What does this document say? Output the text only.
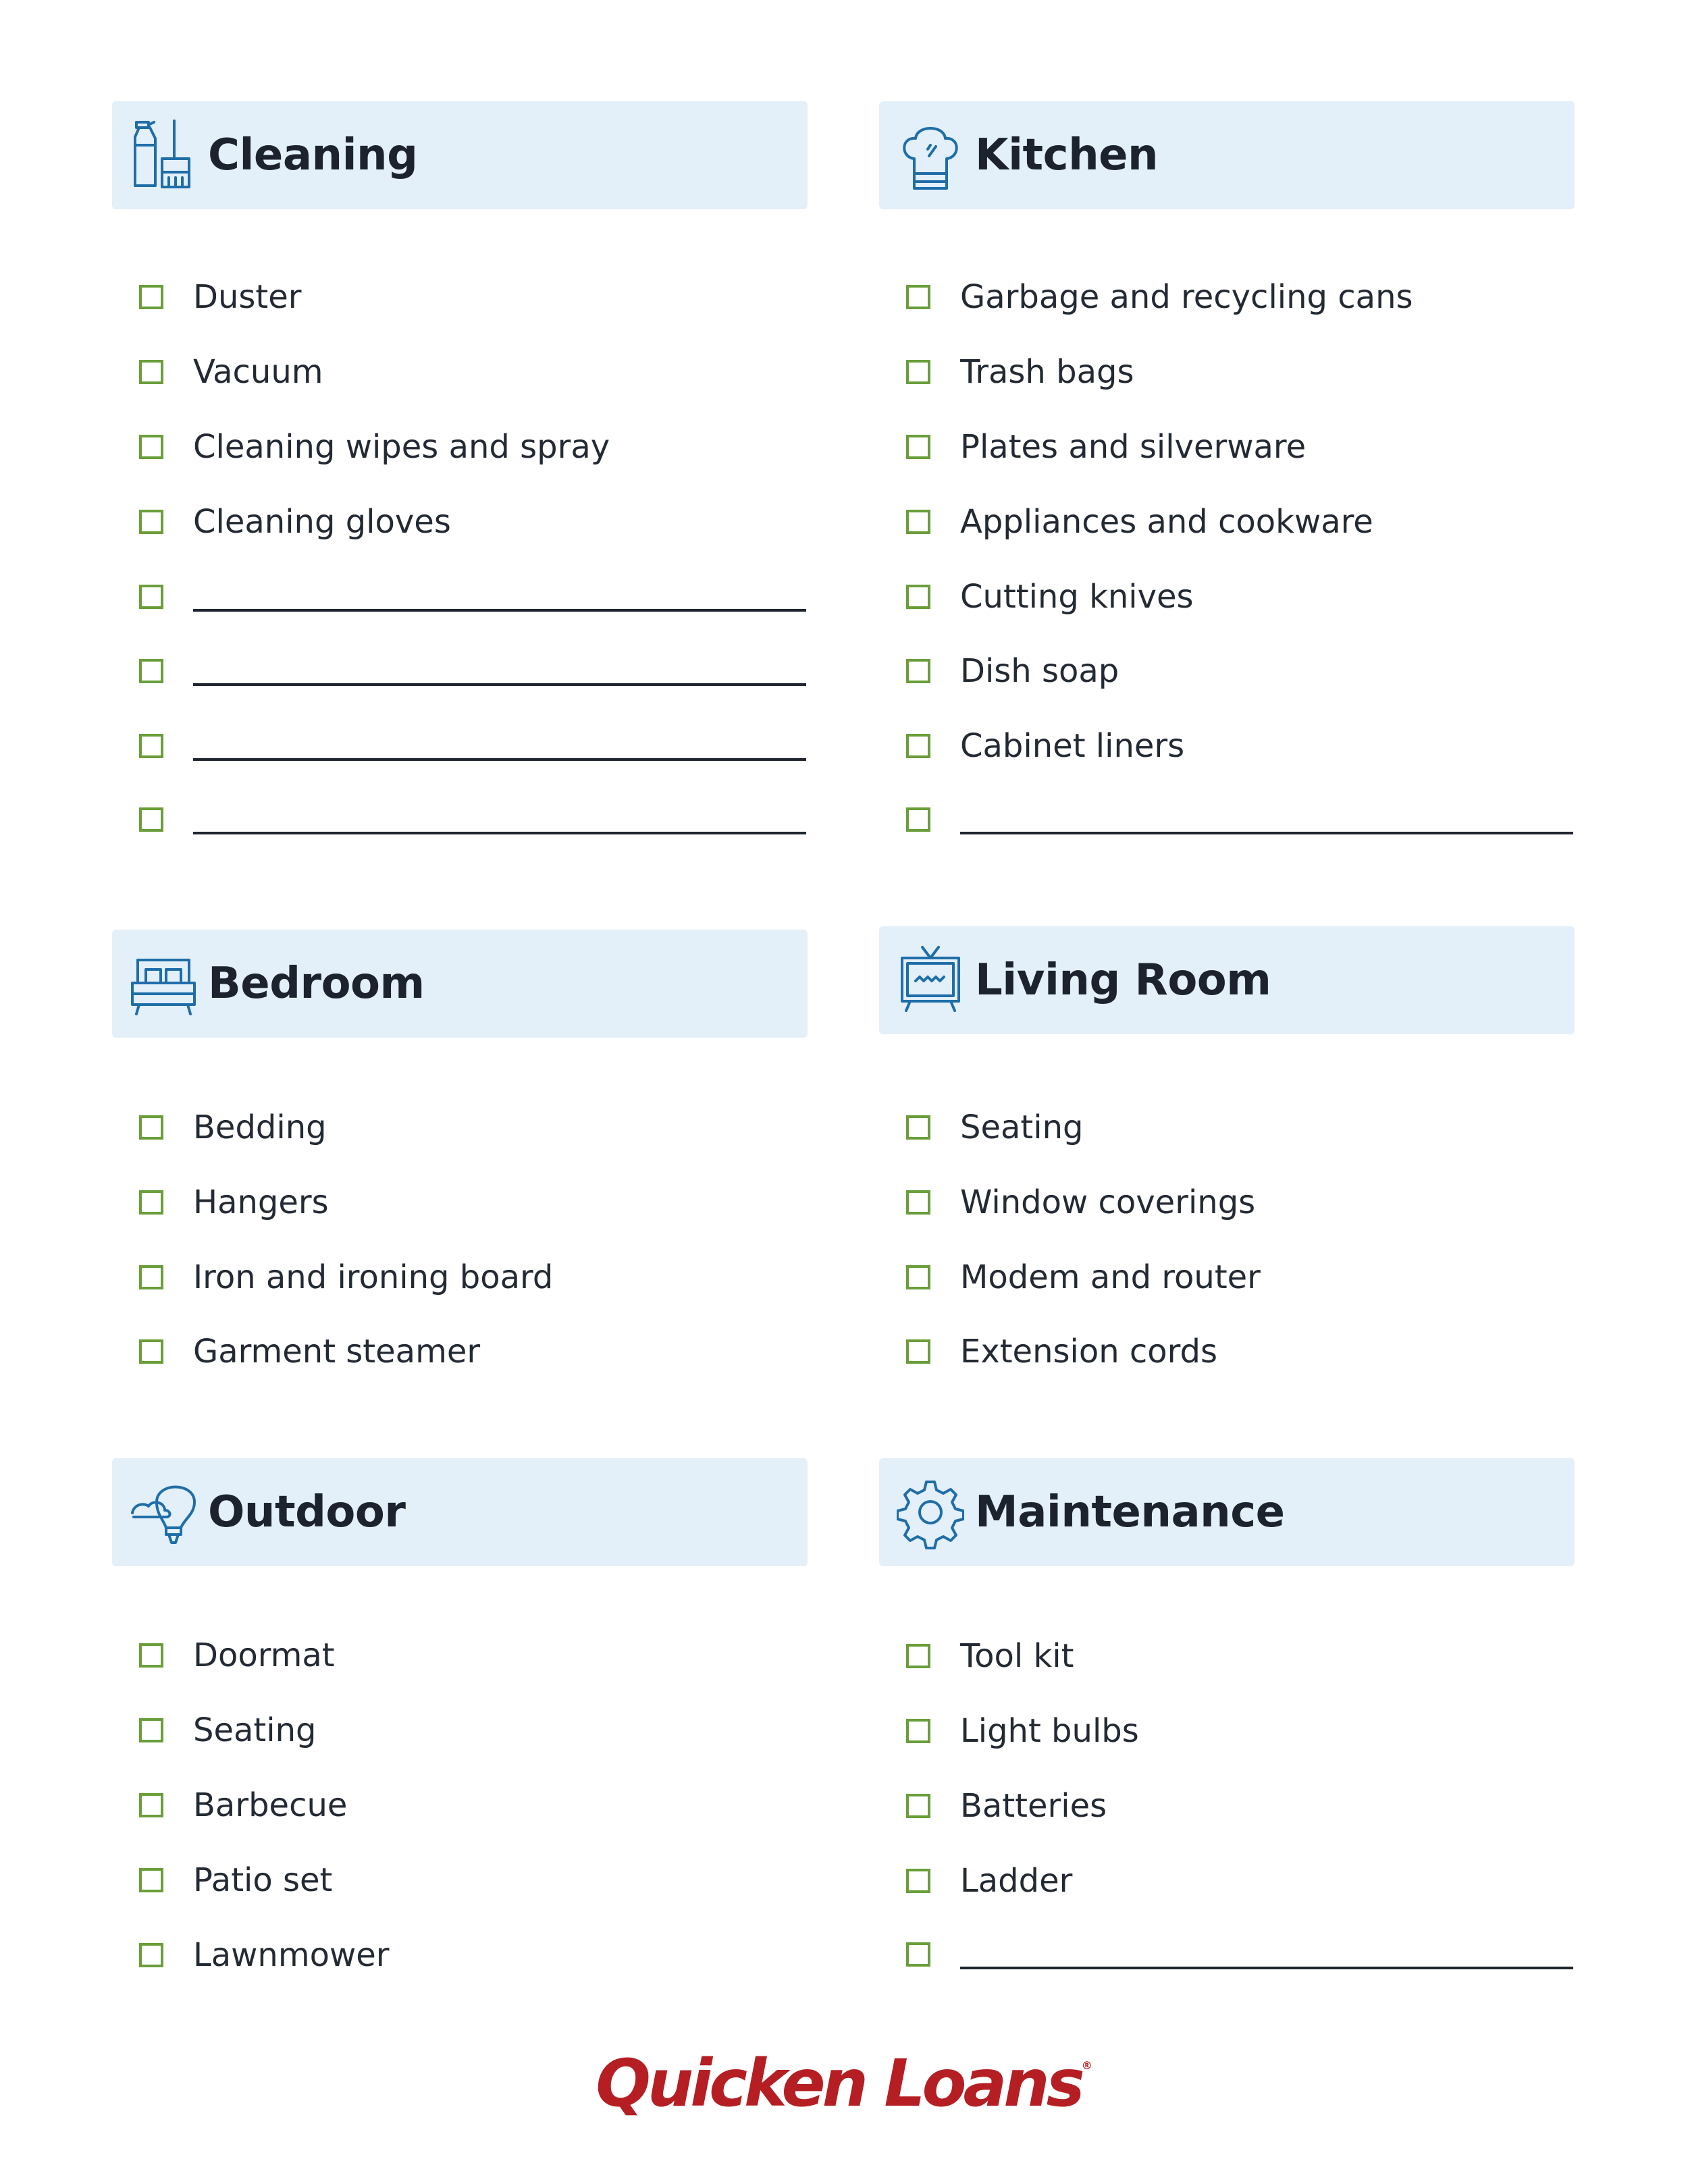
Cleaning
Duster
Vacuum
Cleaning wipes and spray
Cleaning gloves
Kitchen
Garbage and recycling cans
Trash bags
Plates and silverware
Appliances and cookware
Cutting knives
Dish soap
Cabinet liners
Bedroom
Bedding
Hangers
Iron and ironing board
Garment steamer
Living Room
Seating
Window coverings
Modem and router
Extension cords
Outdoor
Doormat
Seating
Barbecue
Patio set
Lawnmower
Maintenance
Tool kit
Light bulbs
Batteries
Ladder
Quicken Loans®
